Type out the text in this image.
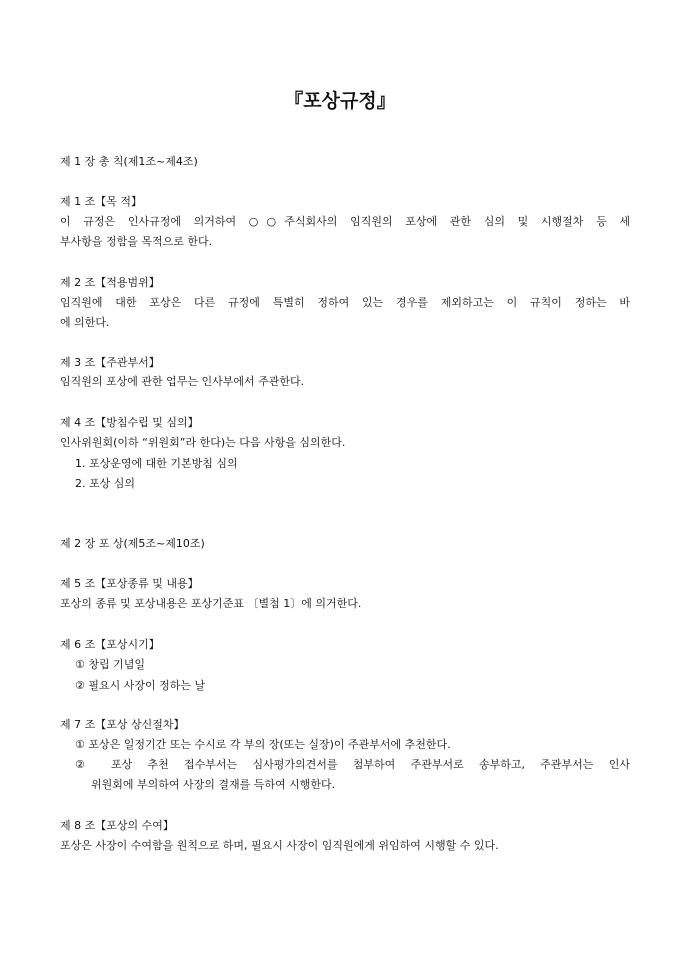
『포상규정』
제 1 장 총 칙(제1조~제4조)
제 1 조【목 적】
이 규정은 인사규정에 의거하여 ○○주식회사의 임직원의 포상에 관한 심의 및 시행절차 등 세
부사항을 정함을 목적으로 한다.
제 2 조【적용범위】
임직원에 대한 포상은 다른 규정에 특별히 정하여 있는 경우를 제외하고는 이 규칙이 정하는 바
에 의한다.
제 3 조【주관부서】
임직원의 포상에 관한 업무는 인사부에서 주관한다.
제 4 조【방침수립 및 심의】
인사위원회(이하 “위원회”라 한다)는 다음 사항을 심의한다.
1. 포상운영에 대한 기본방침 심의
2. 포상 심의
제 2 장 포 상(제5조~제10조)
제 5 조【포상종류 및 내용】
포상의 종류 및 포상내용은 포상기준표 〔별첨 1〕에 의거한다.
제 6 조【포상시기】
① 창립 기념일
② 필요시 사장이 정하는 날
제 7 조【포상 상신절차】
① 포상은 일정기간 또는 수시로 각 부의 장(또는 실장)이 주관부서에 추천한다.
② 포상 추천 접수부서는 심사평가의견서를 첨부하여 주관부서로 송부하고, 주관부서는 인사
위원회에 부의하여 사장의 결재를 득하여 시행한다.
제 8 조【포상의 수여】
포상은 사장이 수여함을 원칙으로 하며, 필요시 사장이 임직원에게 위임하여 시행할 수 있다.
